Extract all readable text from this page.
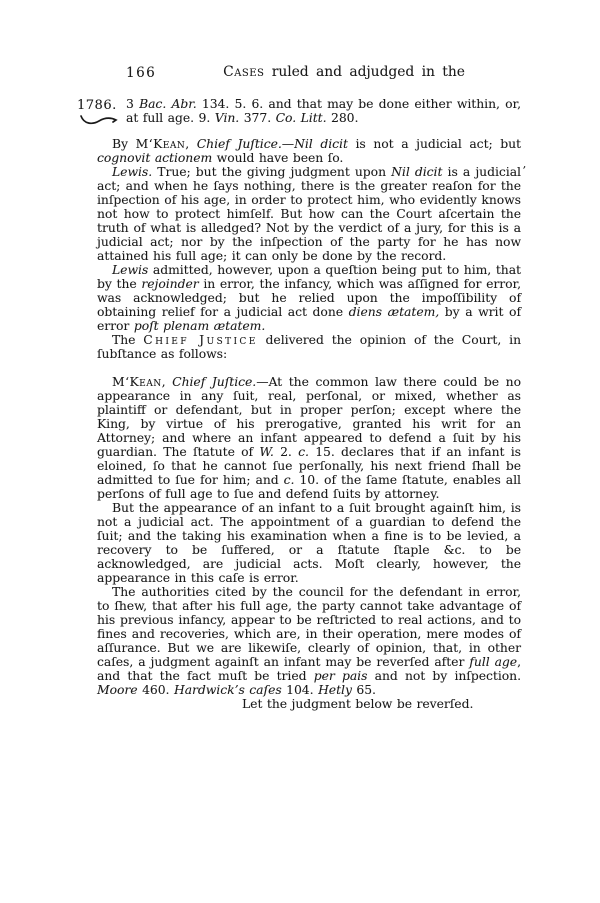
166	Cases ruled and adjudged in the
1786. 3 Bac. Abr. 134. 5. 6. and that may be done either within, or, at full age. 9. Vin. 377. Co. Litt. 280.

By M‘Kean, Chief Juſtice.—Nil dicit is not a judicial act; but cognovit actionem would have been ſo.

Lewis. True; but the giving judgment upon Nil dicit is a judicial act; and when he ſays nothing, there is the greater reaſon for the inſpection of his age, in order to protect him, who evidently knows not how to protect himſelf. But how can the Court aſcertain the truth of what is alledged? Not by the verdict of a jury, for this is a judicial act; nor by the inſpection of the party for he has now attained his full age; it can only be done by the record.

Lewis admitted, however, upon a queſtion being put to him, that by the rejoinder in error, the infancy, which was aſſigned for error, was acknowledged; but he relied upon the impoſſibility of obtaining relief for a judicial act done diens ætatem, by a writ of error poſt plenam ætatem.

The Chief Justice delivered the opinion of the Court, in ſubſtance as follows:

M‘Kean, Chief Juſtice.—At the common law there could be no appearance in any ſuit, real, perſonal, or mixed, whether as plaintiff or defendant, but in proper perſon; except where the King, by virtue of his prerogative, granted his writ for an Attorney; and where an infant appeared to defend a ſuit by his guardian. The ſtatute of W. 2. c. 15. declares that if an infant is eloined, ſo that he cannot ſue perſonally, his next friend ſhall be admitted to ſue for him; and c. 10. of the ſame ſtatute, enables all perſons of full age to ſue and defend ſuits by attorney.

But the appearance of an infant to a ſuit brought againſt him, is not a judicial act. The appointment of a guardian to defend the ſuit; and the taking his examination when a fine is to be levied, a recovery to be ſuffered, or a ſtatute ſtaple &c. to be acknowledged, are judicial acts. Moſt clearly, however, the appearance in this caſe is error.

The authorities cited by the council for the defendant in error, to ſhew, that after his full age, the party cannot take advantage of his previous infancy, appear to be reſtricted to real actions, and to fines and recoveries, which are, in their operation, mere modes of aſſurance. But we are likewiſe, clearly of opinion, that, in other caſes, a judgment againſt an infant may be reverſed after full age, and that the fact muſt be tried per pais and not by inſpection. Moore 460. Hardwick’s caſes 104. Hetly 65.

Let the judgment below be reverſed.

’
